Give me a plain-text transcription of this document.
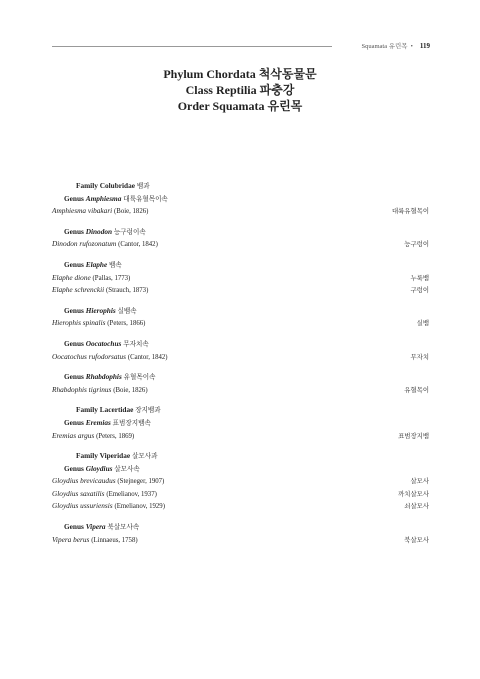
Squamata 유린목 • 119
Phylum Chordata 척삭동물문
Class Reptilia 파충강
Order Squamata 유린목
Family Colubridae 뱀과
Genus Amphiesma 대륙유혈목이속
Amphiesma vibakari (Boie, 1826)	대륙유혈목이
Genus Dinodon 능구렁이속
Dinodon rufozonatum (Cantor, 1842)	능구렁이
Genus Elaphe 뱀속
Elaphe dione (Pallas, 1773)	누룩뱀
Elaphe schrenckii (Strauch, 1873)	구렁이
Genus Hierophis 실뱀속
Hierophis spinalis (Peters, 1866)	실뱀
Genus Oocatochus 무자치속
Oocatochus rufodorsatus (Cantor, 1842)	무자치
Genus Rhabdophis 유혈목이속
Rhabdophis tigrinus (Boie, 1826)	유혈목이
Family Lacertidae 장지뱀과
Genus Eremias 표범장지뱀속
Eremias argus (Peters, 1869)	표범장지뱀
Family Viperidae 살모사과
Genus Gloydius 살모사속
Gloydius brevicaudus (Stejneger, 1907)	살모사
Gloydius saxatilis (Emelianov, 1937)	까치살모사
Gloydius ussuriensis (Emelianov, 1929)	쇠살모사
Genus Vipera 북살모사속
Vipera berus (Linnaeus, 1758)	북살모사
